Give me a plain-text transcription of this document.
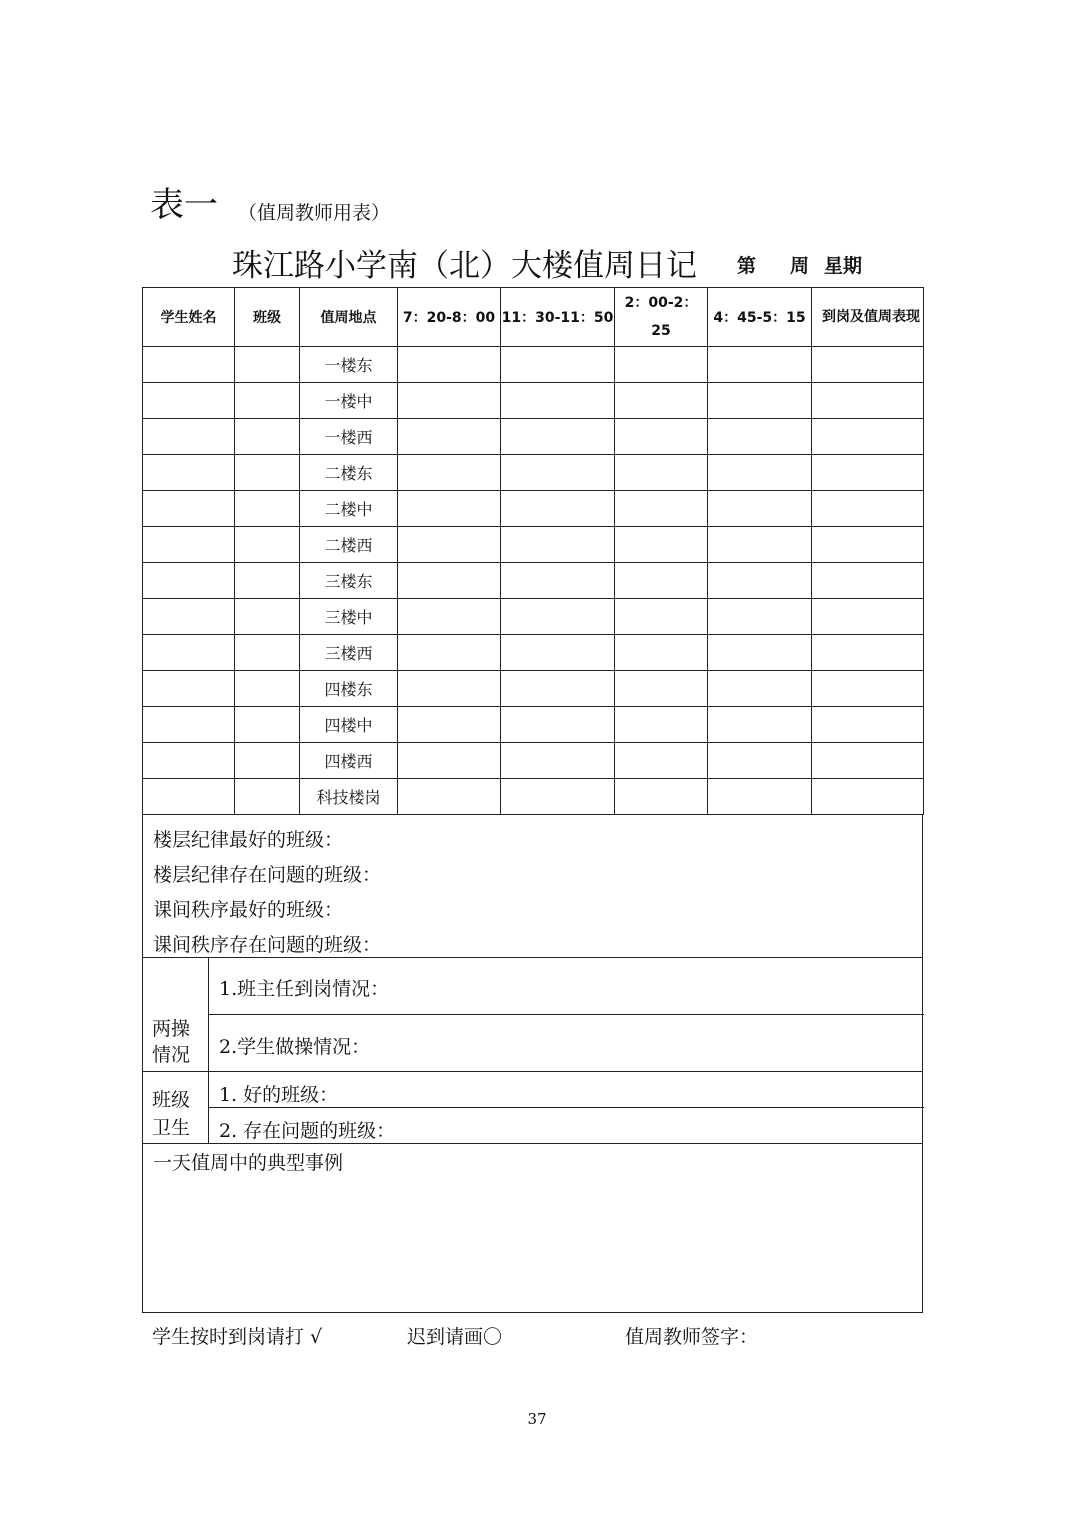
表一 （值周教师用表）
珠江路小学南（北）大楼值周日记 第 周 星期
学生姓名	班级	值周地点	7：20-8：00	11：30-11：50	2：00-2：25	4：45-5：15	到岗及值周表现
		一楼东					
		一楼中					
		一楼西					
		二楼东					
		二楼中					
		二楼西					
		三楼东					
		三楼中					
		三楼西					
		四楼东					
		四楼中					
		四楼西					
		科技楼岗					
楼层纪律最好的班级：
楼层纪律存在问题的班级：
课间秩序最好的班级：
课间秩序存在问题的班级：
两操情况
1.班主任到岗情况：
2.学生做操情况：
班级卫生
1. 好的班级：
2. 存在问题的班级：
一天值周中的典型事例
学生按时到岗请打 √	迟到请画〇	值周教师签字：
37
